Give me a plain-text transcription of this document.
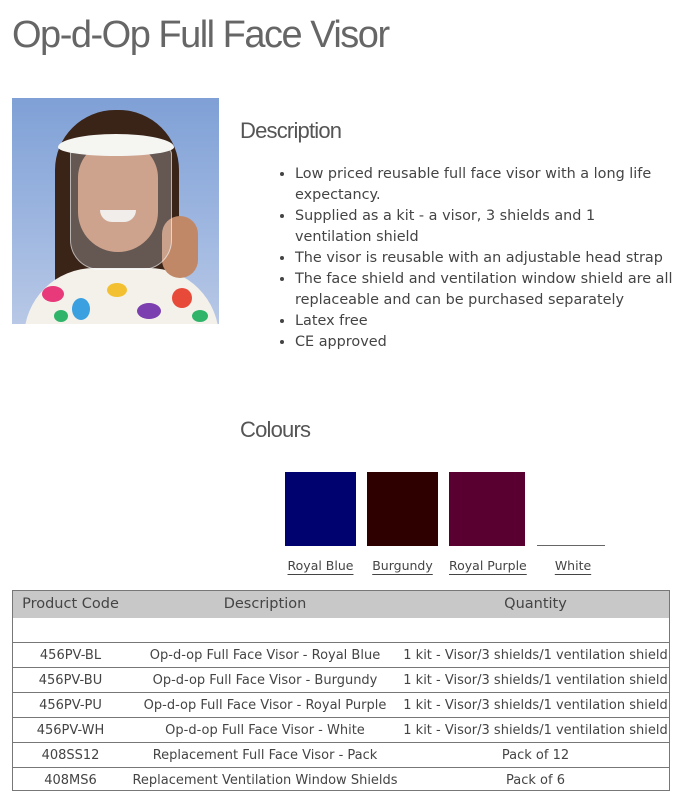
Op-d-Op Full Face Visor
Description
• Low priced reusable full face visor with a long life expectancy.
• Supplied as a kit - a visor, 3 shields and 1 ventilation shield
• The visor is reusable with an adjustable head strap
• The face shield and ventilation window shield are all replaceable and can be purchased separately
• Latex free
• CE approved
Colours
Royal Blue	Burgundy	Royal Purple	White
Product Code	Description	Quantity

456PV-BL	Op-d-op Full Face Visor - Royal Blue	1 kit - Visor/3 shields/1 ventilation shield
456PV-BU	Op-d-op Full Face Visor - Burgundy	1 kit - Visor/3 shields/1 ventilation shield
456PV-PU	Op-d-op Full Face Visor - Royal Purple	1 kit - Visor/3 shields/1 ventilation shield
456PV-WH	Op-d-op Full Face Visor - White	1 kit - Visor/3 shields/1 ventilation shield
408SS12	Replacement Full Face Visor - Pack	Pack of 12
408MS6	Replacement Ventilation Window Shields	Pack of 6
